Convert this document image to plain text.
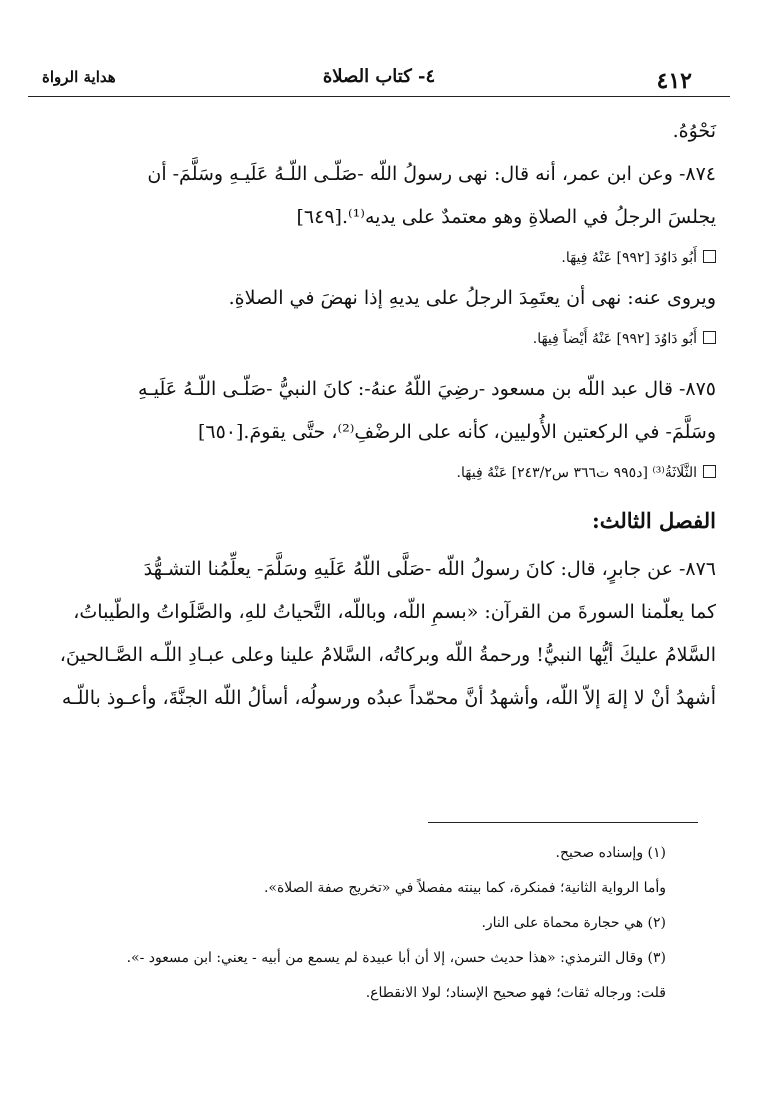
٤١٢
٤- كتاب الصلاة
هداية الرواة

نَحْوُهُ.

٨٧٤- وعن ابن عمر، أنه قال: نهى رسولُ اللّه -صَلّـى اللّـهُ عَلَيـهِ وسَلَّمَ- أن

يجلسَ الرجلُ في الصلاةِ وهو معتمدٌ على يديه⁽¹⁾.[٦٤٩]

أَبُو دَاوُدَ [٩٩٢] عَنْهُ فِيهَا.

ويروى عنه: نهى أن يعتَمِدَ الرجلُ على يديهِ إذا نهضَ في الصلاةِ.

أَبُو دَاوُدَ [٩٩٢] عَنْهُ أَيْضاً فِيهَا.

٨٧٥- قال عبد اللّه بن مسعود -رضِيَ اللّهُ عنهُ-: كانَ النبيُّ -صَلّـى اللّـهُ عَلَيـهِ

وسَلَّمَ- في الركعتين الأُوليين، كأنه على الرضْفِ⁽²⁾، حتَّى يقومَ.[٦٥٠]

الثَّلَاثَةُ⁽³⁾ [د٩٩٥ ت٣٦٦ س٢٤٣/٢] عَنْهُ فِيهَا.

الفصل الثالث:

٨٧٦- عن جابرٍ، قال: كانَ رسولُ اللّه -صَلَّى اللّهُ عَلَيهِ وسَلَّمَ- يعلِّمُنا التشـهُّدَ

كما يعلّمنا السورةَ من القرآن: «بسمِ اللّه، وباللّه، التَّحياتُ للهِ، والصَّلَواتُ والطّيباتُ،

السَّلامُ عليكَ أيُّها النبيُّ! ورحمةُ اللّه وبركاتُه، السَّلامُ علينا وعلى عبـادِ اللّـه الصَّـالحينَ،

أشهدُ أنْ لا إلهَ إلاّ اللّه، وأشهدُ أنَّ محمّداً عبدُه ورسولُه، أسألُ اللّه الجنَّةَ، وأعـوذ باللّـه

(١) وإسناده صحيح.

وأما الرواية الثانية؛ فمنكرة، كما بينته مفصلاً في «تخريج صفة الصلاة».

(٢) هي حجارة محماة على النار.

(٣) وقال الترمذي: «هذا حديث حسن، إلا أن أبا عبيدة لم يسمع من أبيه - يعني: ابن مسعود -».

قلت: ورجاله ثقات؛ فهو صحيح الإسناد؛ لولا الانقطاع.
